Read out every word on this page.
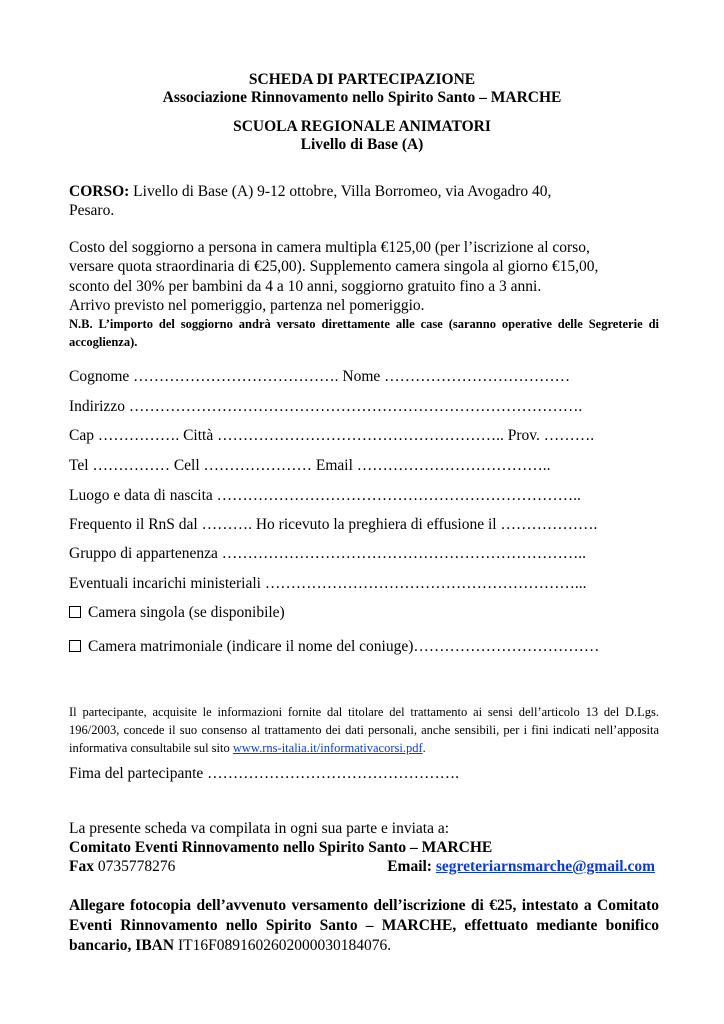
SCHEDA DI PARTECIPAZIONE
Associazione Rinnovamento nello Spirito Santo – MARCHE
SCUOLA REGIONALE ANIMATORI
Livello di Base (A)
CORSO: Livello di Base (A) 9-12 ottobre, Villa Borromeo, via Avogadro 40,
Pesaro.
Costo del soggiorno a persona in camera multipla €125,00 (per l’iscrizione al corso,
versare quota straordinaria di €25,00). Supplemento camera singola al giorno €15,00,
sconto del 30% per bambini da 4 a 10 anni, soggiorno gratuito fino a 3 anni.
Arrivo previsto nel pomeriggio, partenza nel pomeriggio.
N.B. L’importo del soggiorno andrà versato direttamente alle case (saranno operative delle Segreterie di accoglienza).
Cognome …………………………………. Nome ………………………………
Indirizzo …………………………………………………………………………….
Cap ……………. Città ……………………………………………….. Prov. ……….
Tel …………… Cell ………………… Email ………………………………..
Luogo e data di nascita ……………………………………………………………..
Frequento il RnS dal ………. Ho ricevuto la preghiera di effusione il ……………….
Gruppo di appartenenza ……………………………………………………………..
Eventuali incarichi ministeriali ……………………………………………………...
Camera singola (se disponibile)
Camera matrimoniale (indicare il nome del coniuge)………………………………
Il partecipante, acquisite le informazioni fornite dal titolare del trattamento ai sensi dell’articolo 13 del D.Lgs. 196/2003, concede il suo consenso al trattamento dei dati personali, anche sensibili, per i fini indicati nell’apposita informativa consultabile sul sito www.rns-italia.it/informativacorsi.pdf.
Fima del partecipante ………………………………………….
La presente scheda va compilata in ogni sua parte e inviata a:
Comitato Eventi Rinnovamento nello Spirito Santo – MARCHE
Fax 0735778276	Email: segreteriarnsmarche@gmail.com
Allegare fotocopia dell’avvenuto versamento dell’iscrizione di €25, intestato a Comitato Eventi Rinnovamento nello Spirito Santo – MARCHE, effettuato mediante bonifico bancario, IBAN IT16F0891602602000030184076.
